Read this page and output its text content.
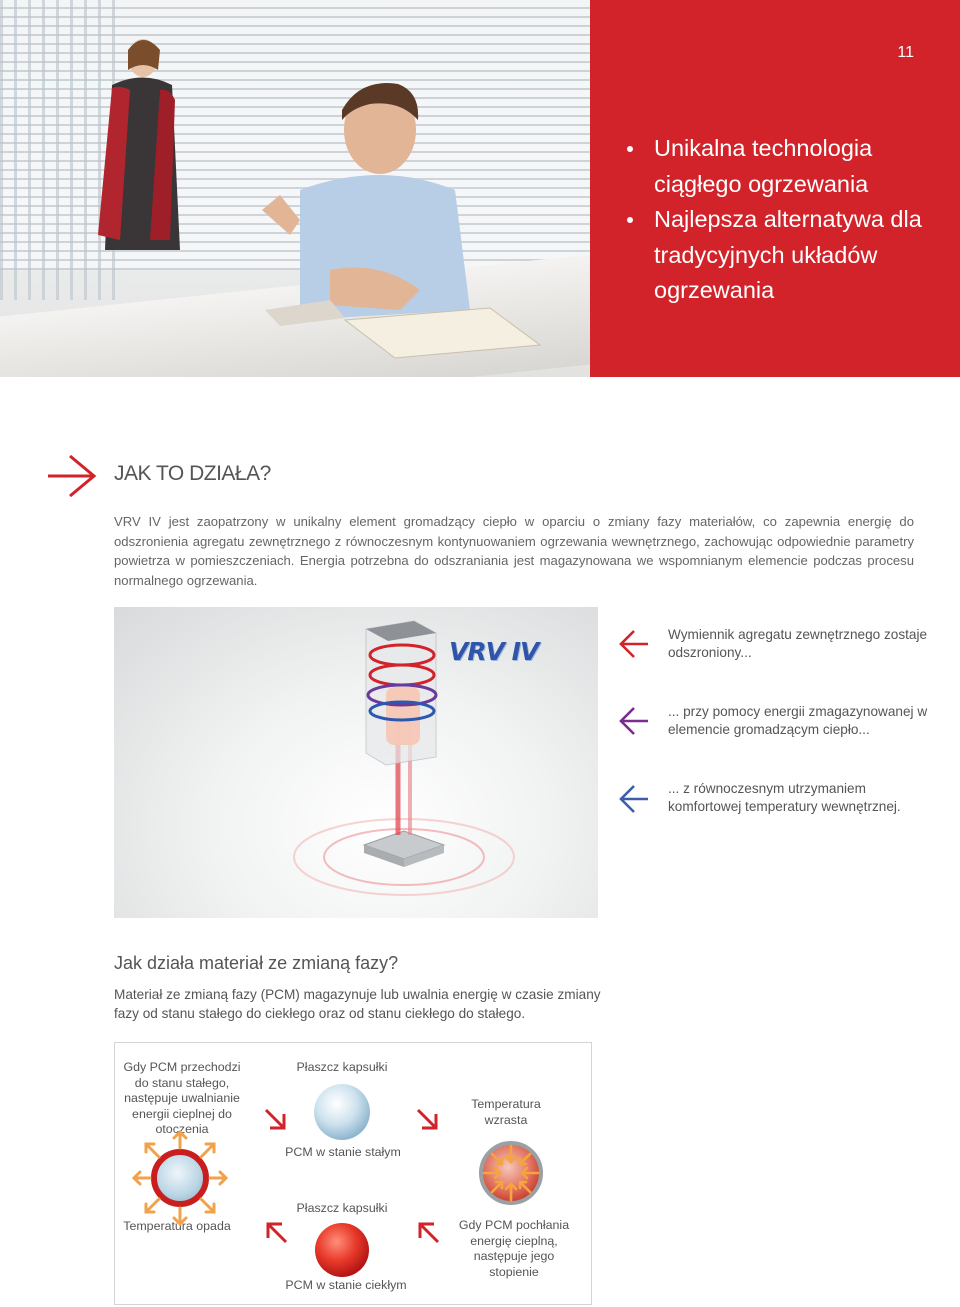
11
Unikalna technologia ciągłego ogrzewania
Najlepsza alternatywa dla tradycyjnych układów ogrzewania
JAK TO DZIAŁA?
VRV IV jest zaopatrzony w unikalny element gromadzący ciepło w oparciu o zmiany fazy materiałów, co zapewnia energię do odszronienia agregatu zewnętrznego z równoczesnym kontynuowaniem ogrzewania wewnętrznego, zachowując odpowiednie parametry powietrza w pomieszczeniach. Energia potrzebna do odszraniania jest magazynowana we wspomnianym elemencie podczas procesu normalnego ogrzewania.
VRV IV
Wymiennik agregatu zewnętrznego zostaje odszroniony...
... przy pomocy energii zmagazynowanej w elemencie gromadzącym ciepło...
... z równoczesnym utrzymaniem komfortowej temperatury wewnętrznej.
Jak działa materiał ze zmianą fazy?
Materiał ze zmianą fazy (PCM) magazynuje lub uwalnia energię w czasie zmiany fazy od stanu stałego do ciekłego oraz od stanu ciekłego do stałego.
Gdy PCM przechodzi do stanu stałego, następuje uwalnianie energii cieplnej do otoczenia
Płaszcz kapsułki
PCM w stanie stałym
Temperatura wzrasta
Temperatura opada
Płaszcz kapsułki
PCM w stanie ciekłym
Gdy PCM pochłania energię cieplną, następuje jego stopienie
